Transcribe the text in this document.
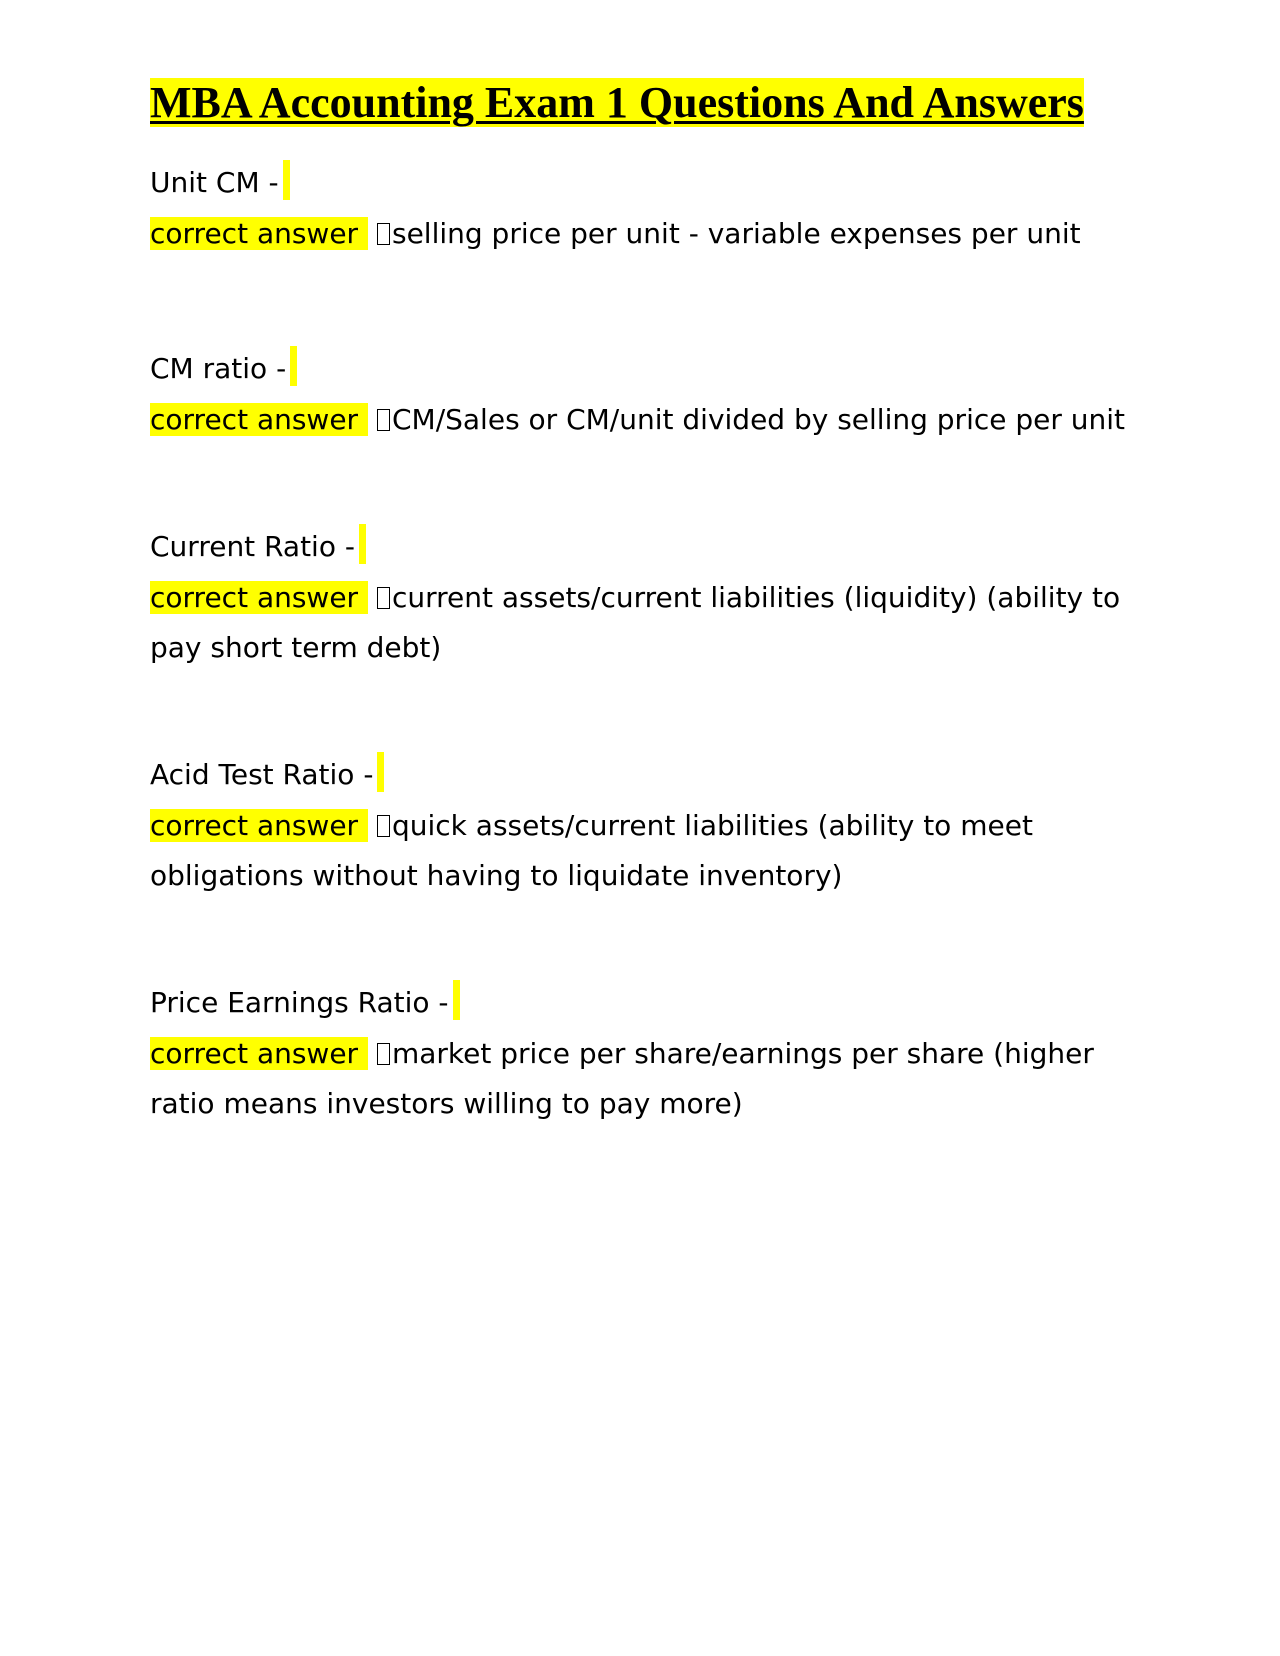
MBA Accounting Exam 1 Questions And Answers
Unit CM -
correct answer selling price per unit - variable expenses per unit
CM ratio -
correct answer CM/Sales or CM/unit divided by selling price per unit
Current Ratio -
correct answer current assets/current liabilities (liquidity) (ability to pay short term debt)
Acid Test Ratio -
correct answer quick assets/current liabilities (ability to meet obligations without having to liquidate inventory)
Price Earnings Ratio -
correct answer market price per share/earnings per share (higher ratio means investors willing to pay more)
